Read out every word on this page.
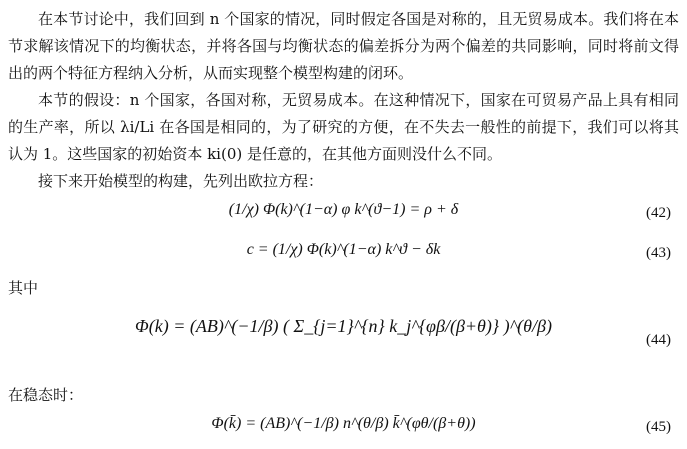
在本节讨论中，我们回到 n 个国家的情况，同时假定各国是对称的，且无贸易成本。我们将在本节求解该情况下的均衡状态，并将各国与均衡状态的偏差拆分为两个偏差的共同影响，同时将前文得出的两个特征方程纳入分析，从而实现整个模型构建的闭环。

本节的假设：n 个国家，各国对称，无贸易成本。在这种情况下，国家在可贸易产品上具有相同的生产率，所以 λi/Li 在各国是相同的，为了研究的方便，在不失去一般性的前提下，我们可以将其认为 1。这些国家的初始资本 ki(0) 是任意的，在其他方面则没什么不同。

接下来开始模型的构建，先列出欧拉方程：

(1/χ) Φ(k)^(1−α) φ k^(ϑ−1) = ρ + δ	(42)
c = (1/χ) Φ(k)^(1−α) k^ϑ − δk	(43)

其中

Φ(k) = (AB)^(−1/β) ( Σ_{j=1}^{n} k_j^{φβ/(β+θ)} )^(θ/β)
(44)

在稳态时：

Φ(k̄) = (AB)^(−1/β) n^(θ/β) k̄^(φθ/(β+θ))	(45)
